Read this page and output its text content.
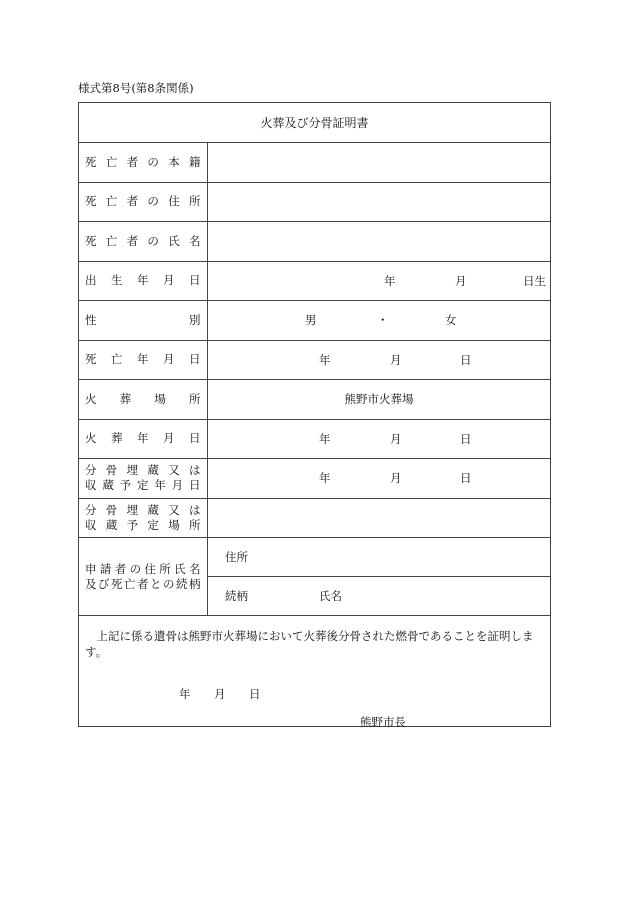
様式第8号(第8条関係)
火葬及び分骨証明書	

死亡者の本籍	

死亡者の住所	

死亡者の氏名	

出生年月日	年 月 日生

性別	男 ・ 女

死亡年月日	年 月 日

火葬場所	熊野市火葬場

火葬年月日	年 月 日

分骨埋蔵又は
収蔵予定年月日	年 月 日

分骨埋蔵又は
収蔵予定場所	

申請者の住所氏名
及び死亡者との続柄	住所

	続柄 氏名

上記に係る遺骨は熊野市火葬場において火葬後分骨された燃骨であることを証明します。
年 月 日
熊野市長	
